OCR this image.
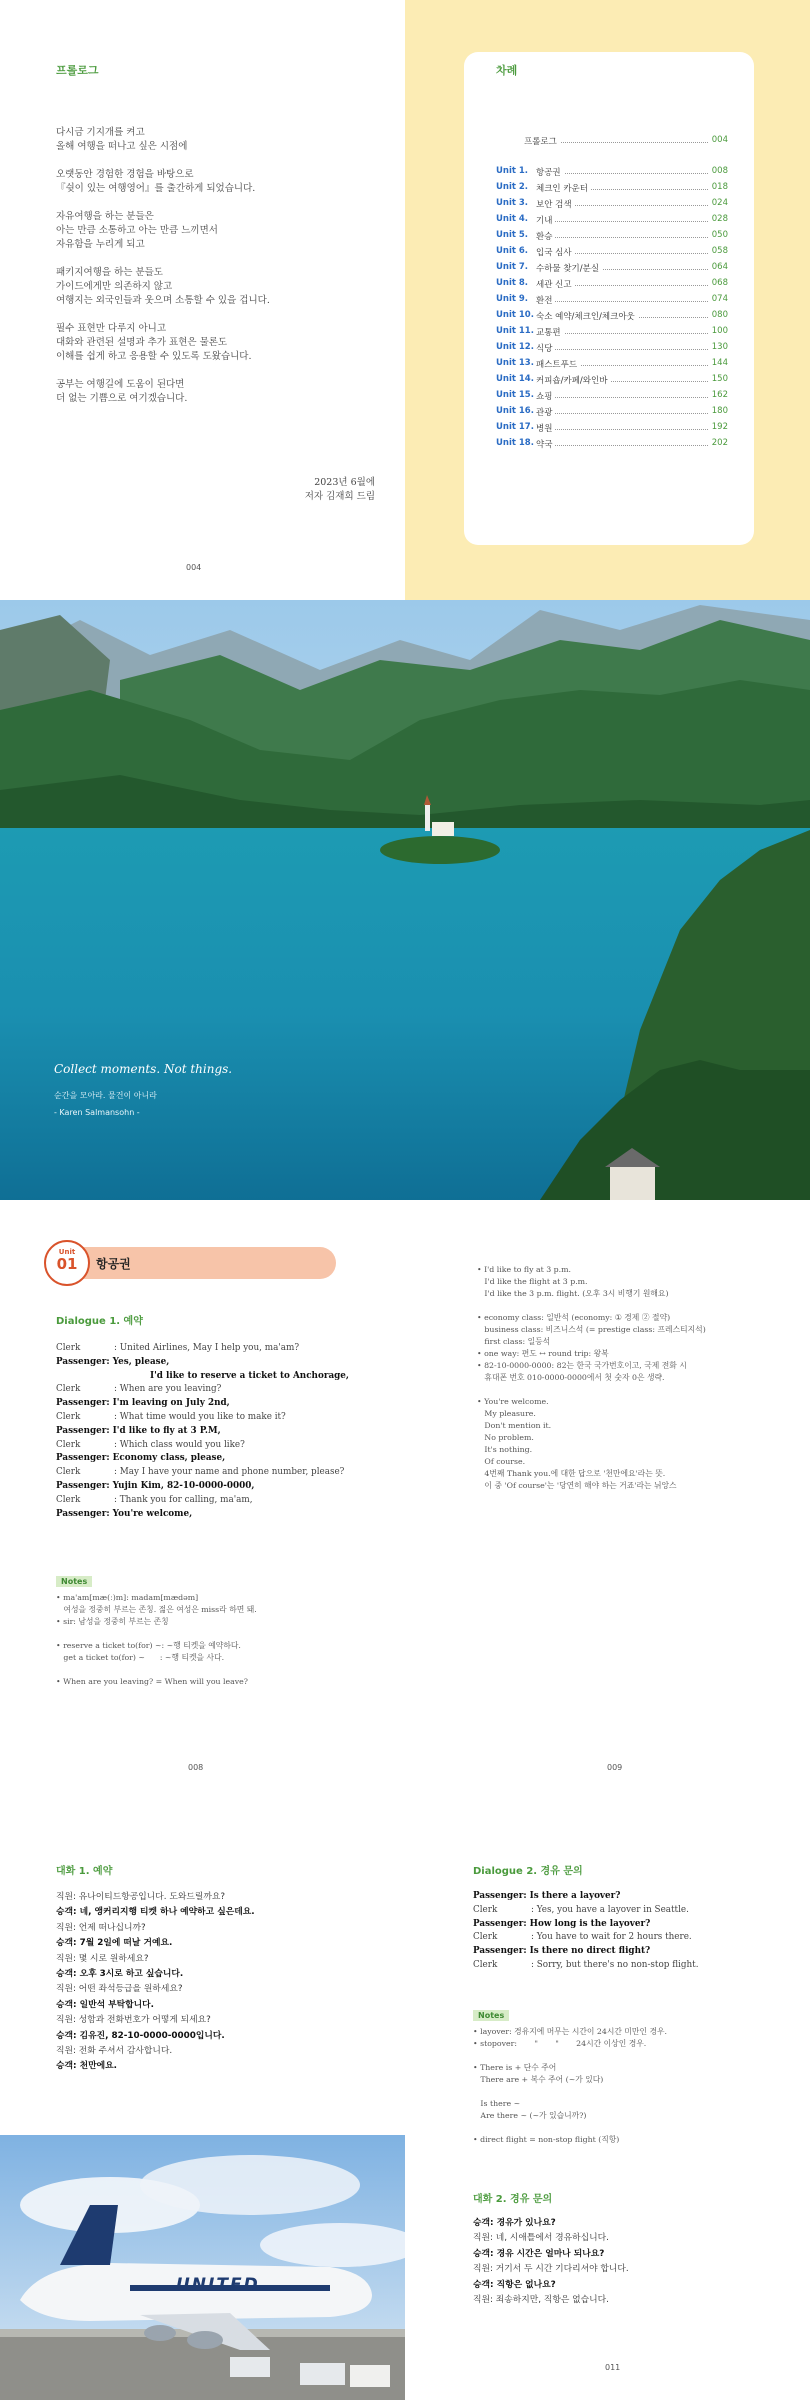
프롤로그
다시금 기지개를 켜고
올해 여행을 떠나고 싶은 시점에
오랫동안 경험한 경험을 바탕으로
『쉿이 있는 여행영어』를 출간하게 되었습니다.
자유여행을 하는 분들은
아는 만큼 소통하고 아는 만큼 느끼면서
자유함을 누리게 되고
패키지여행을 하는 분들도
가이드에게만 의존하지 않고
여행지는 외국인들과 웃으며 소통할 수 있을 겁니다.
필수 표현만 다루지 아니고
대화와 관련된 설명과 추가 표현은 물론도
이해를 쉽게 하고 응용할 수 있도록 도왔습니다.
공부는 여행길에 도움이 된다면
더 없는 기쁨으로 여기겠습니다.
2023년 6월에
저자 김재희 드림
004
차례
프롤로그	004
Unit 1. 항공권	008
Unit 2. 체크인 카운터	018
Unit 3. 보안 검색	024
Unit 4. 기내	028
Unit 5. 환승	050
Unit 6. 입국 심사	058
Unit 7. 수하물 찾기/분실	064
Unit 8. 세관 신고	068
Unit 9. 환전	074
Unit 10. 숙소 예약/체크인/체크아웃	080
Unit 11. 교통편	100
Unit 12. 식당	130
Unit 13. 패스트푸드	144
Unit 14. 커피숍/카페/와인바	150
Unit 15. 쇼핑	162
Unit 16. 관광	180
Unit 17. 병원	192
Unit 18. 약국	202
Collect moments. Not things.
순간을 모아라. 물건이 아니라
- Karen Salmansohn -
Unit
01	항공권
Dialogue 1. 예약
Clerk	: United Airlines, May I help you, ma'am?
Passenger: Yes, please,
I'd like to reserve a ticket to Anchorage,
Clerk	: When are you leaving?
Passenger: I'm leaving on July 2nd,
Clerk	: What time would you like to make it?
Passenger: I'd like to fly at 3 P.M,
Clerk	: Which class would you like?
Passenger: Economy class, please,
Clerk	: May I have your name and phone number, please?
Passenger: Yujin Kim, 82-10-0000-0000,
Clerk	: Thank you for calling, ma'am,
Passenger: You're welcome,
Notes
• ma'am[mæ(ː)m]: madam[mædəm]
여성을 정중히 부르는 존칭. 젊은 여성은 miss라 하면 돼.
• sir: 남성을 정중히 부르는 존칭

• reserve a ticket to(for) ~: ~행 티켓을 예약하다.
get a ticket to(for) ~      : ~행 티켓을 사다.

• When are you leaving? = When will you leave?
008
• I'd like to fly at 3 p.m.
I'd like the flight at 3 p.m.
I'd like the 3 p.m. flight. (오후 3시 비행기 원해요)

• economy class: 일반석 (economy: ① 경제 ② 절약)
business class: 비즈니스석 (= prestige class: 프레스티지석)
first class: 일등석
• one way: 편도 ↔ round trip: 왕복
• 82-10-0000-0000: 82는 한국 국가번호이고, 국제 전화 시
휴대폰 번호 010-0000-0000에서 첫 숫자 0은 생략.

• You're welcome.
My pleasure.
Don't mention it.
No problem.
It's nothing.
Of course.
4번째 Thank you.에 대한 답으로 '천만에요'라는 뜻.
이 중 'Of course'는 '당연히 해야 하는 거죠'라는 뉘앙스
009
대화 1. 예약
직원: 유나이티드항공입니다. 도와드릴까요?
승객: 네, 앵커리지행 티켓 하나 예약하고 싶은데요.
직원: 언제 떠나십니까?
승객: 7월 2일에 떠날 거예요.
직원: 몇 시로 원하세요?
승객: 오후 3시로 하고 싶습니다.
직원: 어떤 좌석등급을 원하세요?
승객: 일반석 부탁합니다.
직원: 성함과 전화번호가 어떻게 되세요?
승객: 김유진, 82-10-0000-0000입니다.
직원: 전화 주셔서 감사합니다.
승객: 천만에요.
UNITED
Dialogue 2. 경유 문의
Passenger: Is there a layover?
Clerk	: Yes, you have a layover in Seattle.
Passenger: How long is the layover?
Clerk	: You have to wait for 2 hours there.
Passenger: Is there no direct flight?
Clerk	: Sorry, but there's no non-stop flight.
Notes
• layover: 경유지에 머무는 시간이 24시간 미만인 경우.
• stopover:       "       "       24시간 이상인 경우.

• There is + 단수 주어
There are + 복수 주어 (~가 있다)

Is there ~
Are there ~ (~가 있습니까?)

• direct flight = non-stop flight (직항)
대화 2. 경유 문의
승객: 경유가 있나요?
직원: 네, 시애틀에서 경유하십니다.
승객: 경유 시간은 얼마나 되나요?
직원: 거기서 두 시간 기다리셔야 합니다.
승객: 직항은 없나요?
직원: 죄송하지만, 직항은 없습니다.
011
